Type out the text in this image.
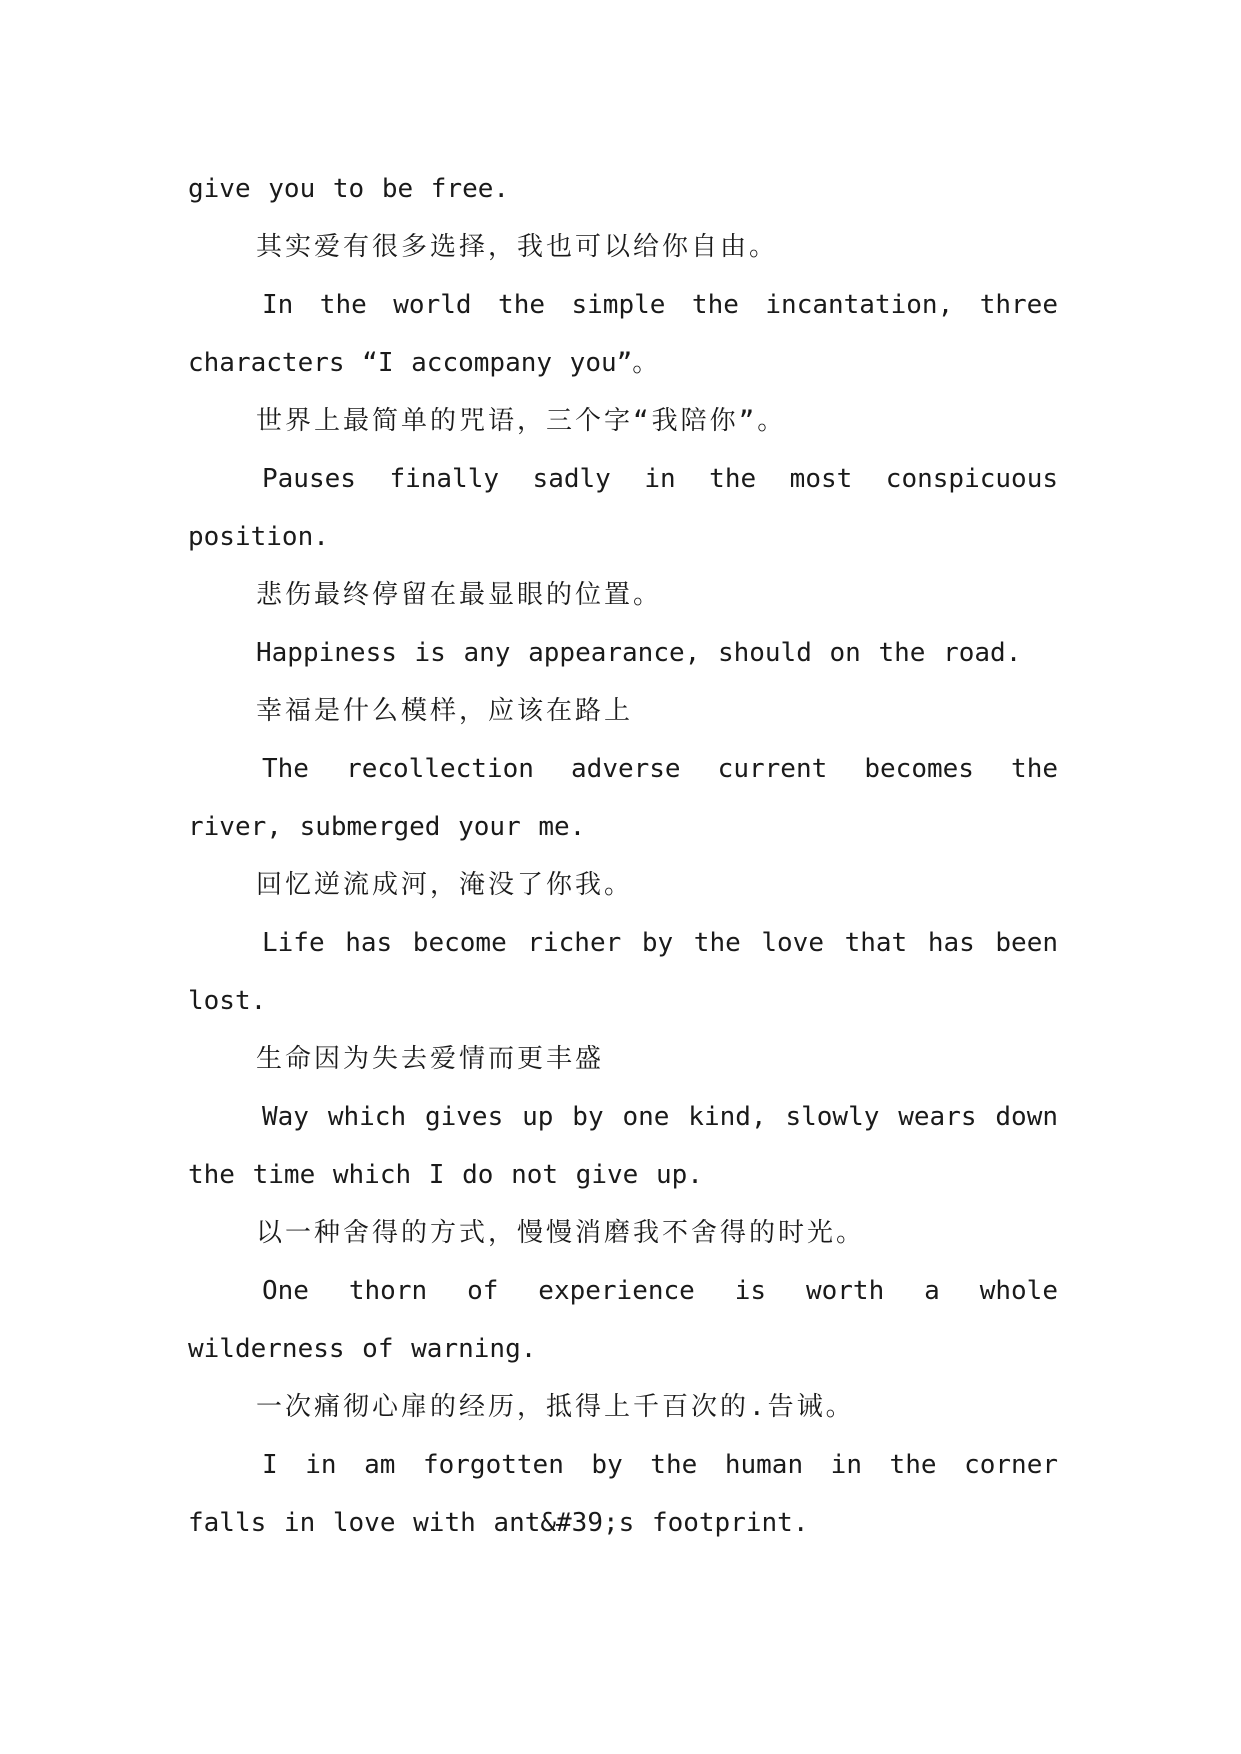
give you to be free.

其实爱有很多选择，我也可以给你自由。

In the world the simple the incantation, three characters “I accompany you”。

世界上最简单的咒语，三个字“我陪你”。

Pauses finally sadly in the most conspicuous position.

悲伤最终停留在最显眼的位置。

Happiness is any appearance, should on the road.

幸福是什么模样，应该在路上

The recollection adverse current becomes the river, submerged your me.

回忆逆流成河，淹没了你我。

Life has become richer by the love that has been lost.

生命因为失去爱情而更丰盛

Way which gives up by one kind, slowly wears down the time which I do not give up.

以一种舍得的方式，慢慢消磨我不舍得的时光。

One thorn of experience is worth a whole wilderness of warning.

一次痛彻心扉的经历，抵得上千百次的.告诫。

I in am forgotten by the human in the corner falls in love with ant&#39;s footprint.
